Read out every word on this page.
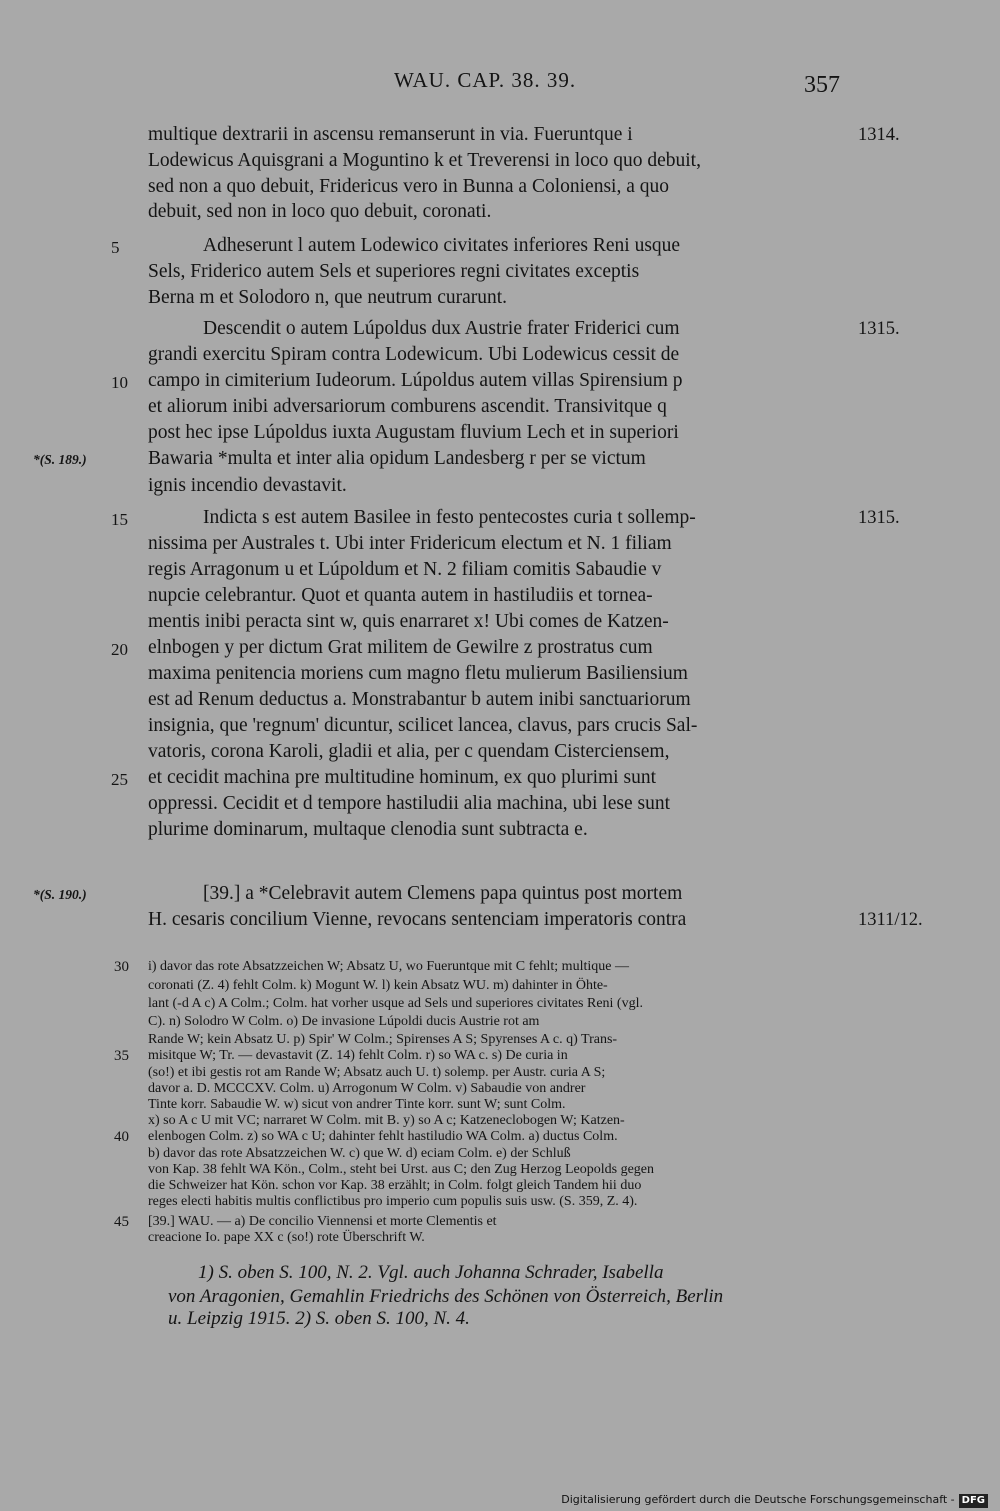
WAU. CAP. 38. 39.	357
multique dextrarii in ascensu remanserunt in via. Fueruntque i	1314.
Lodewicus Aquisgrani a Moguntino k et Treverensi in loco quo debuit,
sed non a quo debuit, Fridericus vero in Bunna a Coloniensi, a quo
debuit, sed non in loco quo debuit, coronati.
Adheserunt l autem Lodewico civitates inferiores Reni usque
5
Sels, Friderico autem Sels et superiores regni civitates exceptis
Berna m et Solodoro n, que neutrum curarunt.
Descendit o autem Lúpoldus dux Austrie frater Friderici cum	1315.
grandi exercitu Spiram contra Lodewicum. Ubi Lodewicus cessit de
campo in cimiterium Iudeorum. Lúpoldus autem villas Spirensium p
10
et aliorum inibi adversariorum comburens ascendit. Transivitque q
post hec ipse Lúpoldus iuxta Augustam fluvium Lech et in superiori
Bawaria *multa et inter alia opidum Landesberg r per se victum
*(S. 189.)
ignis incendio devastavit.
Indicta s est autem Basilee in festo pentecostes curia t sollemp-
15	1315.
nissima per Australes t. Ubi inter Fridericum electum et N. 1 filiam
regis Arragonum u et Lúpoldum et N. 2 filiam comitis Sabaudie v
nupcie celebrantur. Quot et quanta autem in hastiludiis et tornea-
mentis inibi peracta sint w, quis enarraret x! Ubi comes de Katzen-
elnbogen y per dictum Grat militem de Gewilre z prostratus cum
20
maxima penitencia moriens cum magno fletu mulierum Basiliensium
est ad Renum deductus a. Monstrabantur b autem inibi sanctuariorum
insignia, que 'regnum' dicuntur, scilicet lancea, clavus, pars crucis Sal-
vatoris, corona Karoli, gladii et alia, per c quendam Cisterciensem,
et cecidit machina pre multitudine hominum, ex quo plurimi sunt
25
oppressi. Cecidit et d tempore hastiludii alia machina, ubi lese sunt
plurime dominarum, multaque clenodia sunt subtracta e.
[39.] a *Celebravit autem Clemens papa quintus post mortem
*(S. 190.)
H. cesaris concilium Vienne, revocans sentenciam imperatoris contra	1311/12.
i) davor das rote Absatzzeichen W; Absatz U, wo Fueruntque mit C fehlt; multique —
30
coronati (Z. 4) fehlt Colm. k) Mogunt W. l) kein Absatz WU. m) dahinter in Öhte-
lant (-d A c) A Colm.; Colm. hat vorher usque ad Sels und superiores civitates Reni (vgl.
C). n) Solodro W Colm. o) De invasione Lúpoldi ducis Austrie rot am
Rande W; kein Absatz U. p) Spir' W Colm.; Spirenses A S; Spyrenses A c. q) Trans-
misitque W; Tr. — devastavit (Z. 14) fehlt Colm. r) so WA c. s) De curia in
35
(so!) et ibi gestis rot am Rande W; Absatz auch U. t) solemp. per Austr. curia A S;
davor a. D. MCCCXV. Colm. u) Arrogonum W Colm. v) Sabaudie von andrer
Tinte korr. Sabaudie W. w) sicut von andrer Tinte korr. sunt W; sunt Colm.
x) so A c U mit VC; narraret W Colm. mit B. y) so A c; Katzeneclobogen W; Katzen-
elenbogen Colm. z) so WA c U; dahinter fehlt hastiludio WA Colm. a) ductus Colm.
40
b) davor das rote Absatzzeichen W. c) que W. d) eciam Colm. e) der Schluß
von Kap. 38 fehlt WA Kön., Colm., steht bei Urst. aus C; den Zug Herzog Leopolds gegen
die Schweizer hat Kön. schon vor Kap. 38 erzählt; in Colm. folgt gleich Tandem hii duo
reges electi habitis multis conflictibus pro imperio cum populis suis usw. (S. 359, Z. 4).
[39.] WAU. — a) De concilio Viennensi et morte Clementis et
45
creacione Io. pape XX c (so!) rote Überschrift W.
1) S. oben S. 100, N. 2. Vgl. auch Johanna Schrader, Isabella
von Aragonien, Gemahlin Friedrichs des Schönen von Österreich, Berlin
u. Leipzig 1915. 2) S. oben S. 100, N. 4.
Digitalisierung gefördert durch die Deutsche Forschungsgemeinschaft - DFG
